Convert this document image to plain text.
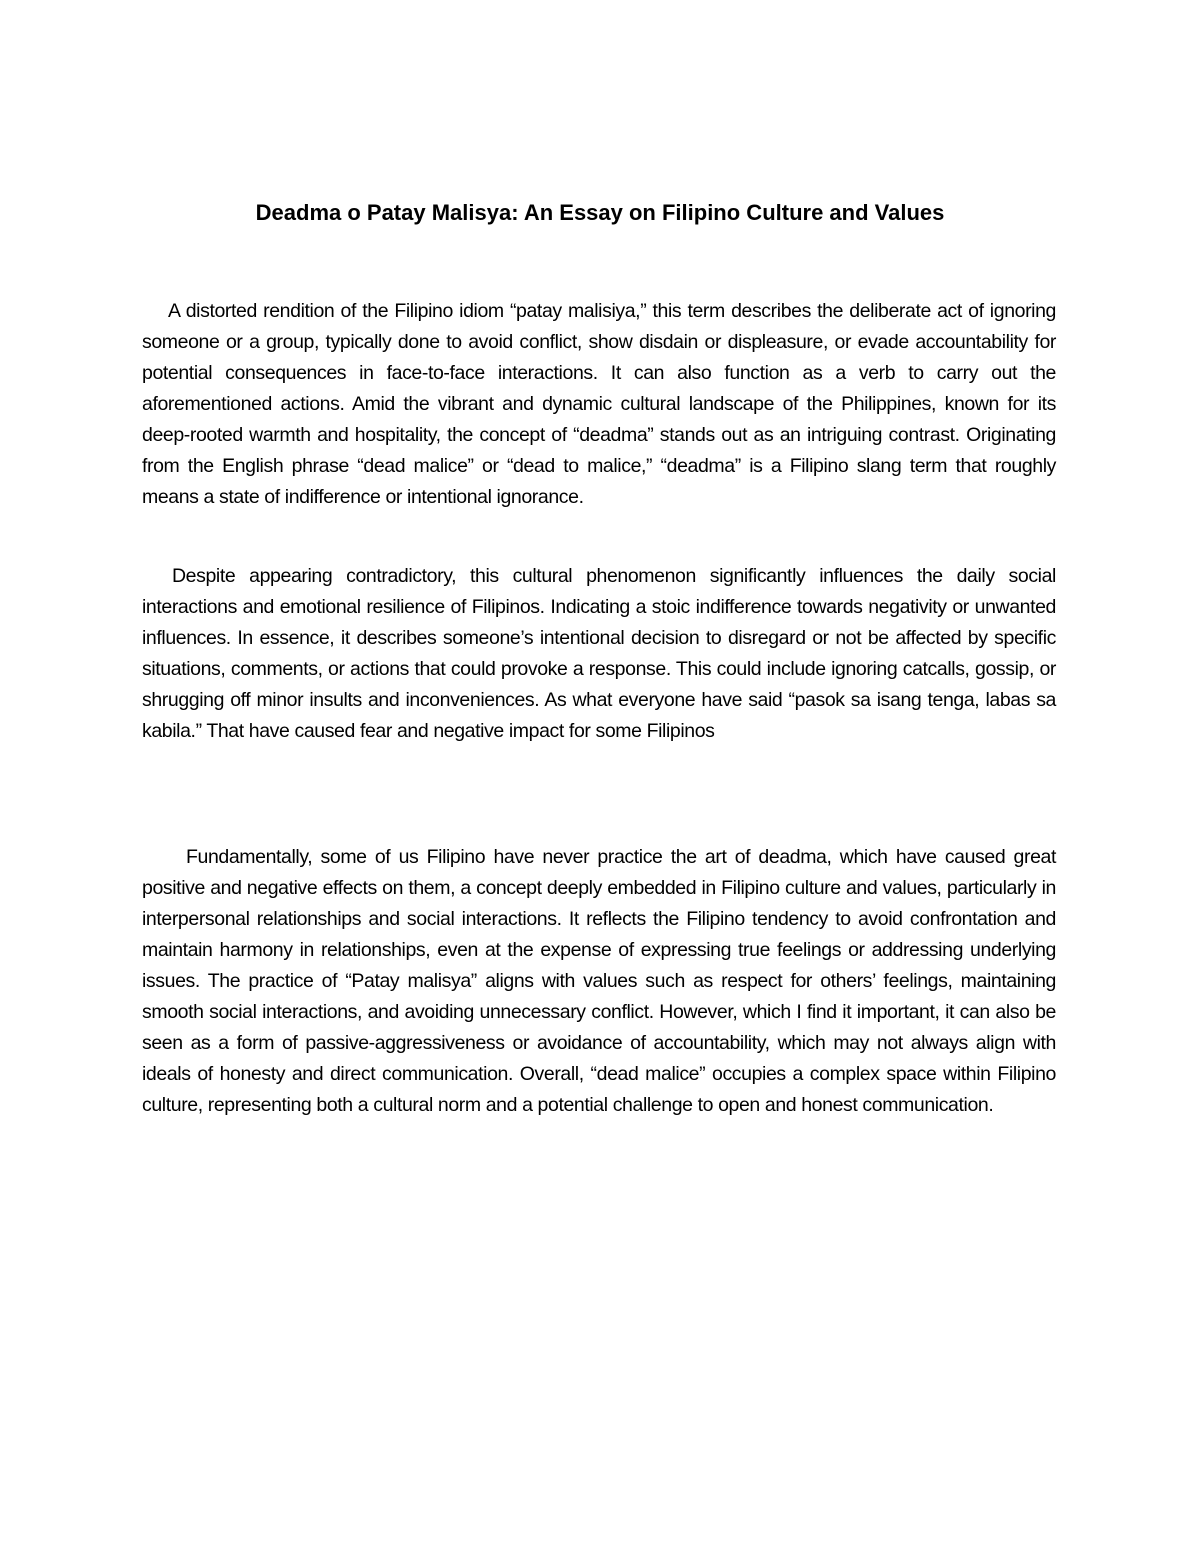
Deadma o Patay Malisya: An Essay on Filipino Culture and Values

A distorted rendition of the Filipino idiom “patay malisiya,” this term describes the deliberate act of ignoring someone or a group, typically done to avoid conflict, show disdain or displeasure, or evade accountability for potential consequences in face-to-face interactions. It can also function as a verb to carry out the aforementioned actions. Amid the vibrant and dynamic cultural landscape of the Philippines, known for its deep-rooted warmth and hospitality, the concept of “deadma” stands out as an intriguing contrast. Originating from the English phrase “dead malice” or “dead to malice,” “deadma” is a Filipino slang term that roughly means a state of indifference or intentional ignorance.

Despite appearing contradictory, this cultural phenomenon significantly influences the daily social interactions and emotional resilience of Filipinos. Indicating a stoic indifference towards negativity or unwanted influences. In essence, it describes someone’s intentional decision to disregard or not be affected by specific situations, comments, or actions that could provoke a response. This could include ignoring catcalls, gossip, or shrugging off minor insults and inconveniences. As what everyone have said “pasok sa isang tenga, labas sa kabila.” That have caused fear and negative impact for some Filipinos

Fundamentally, some of us Filipino have never practice the art of deadma, which have caused great positive and negative effects on them, a concept deeply embedded in Filipino culture and values, particularly in interpersonal relationships and social interactions. It reflects the Filipino tendency to avoid confrontation and maintain harmony in relationships, even at the expense of expressing true feelings or addressing underlying issues. The practice of “Patay malisya” aligns with values such as respect for others’ feelings, maintaining smooth social interactions, and avoiding unnecessary conflict. However, which I find it important, it can also be seen as a form of passive-aggressiveness or avoidance of accountability, which may not always align with ideals of honesty and direct communication. Overall, “dead malice” occupies a complex space within Filipino culture, representing both a cultural norm and a potential challenge to open and honest communication.
